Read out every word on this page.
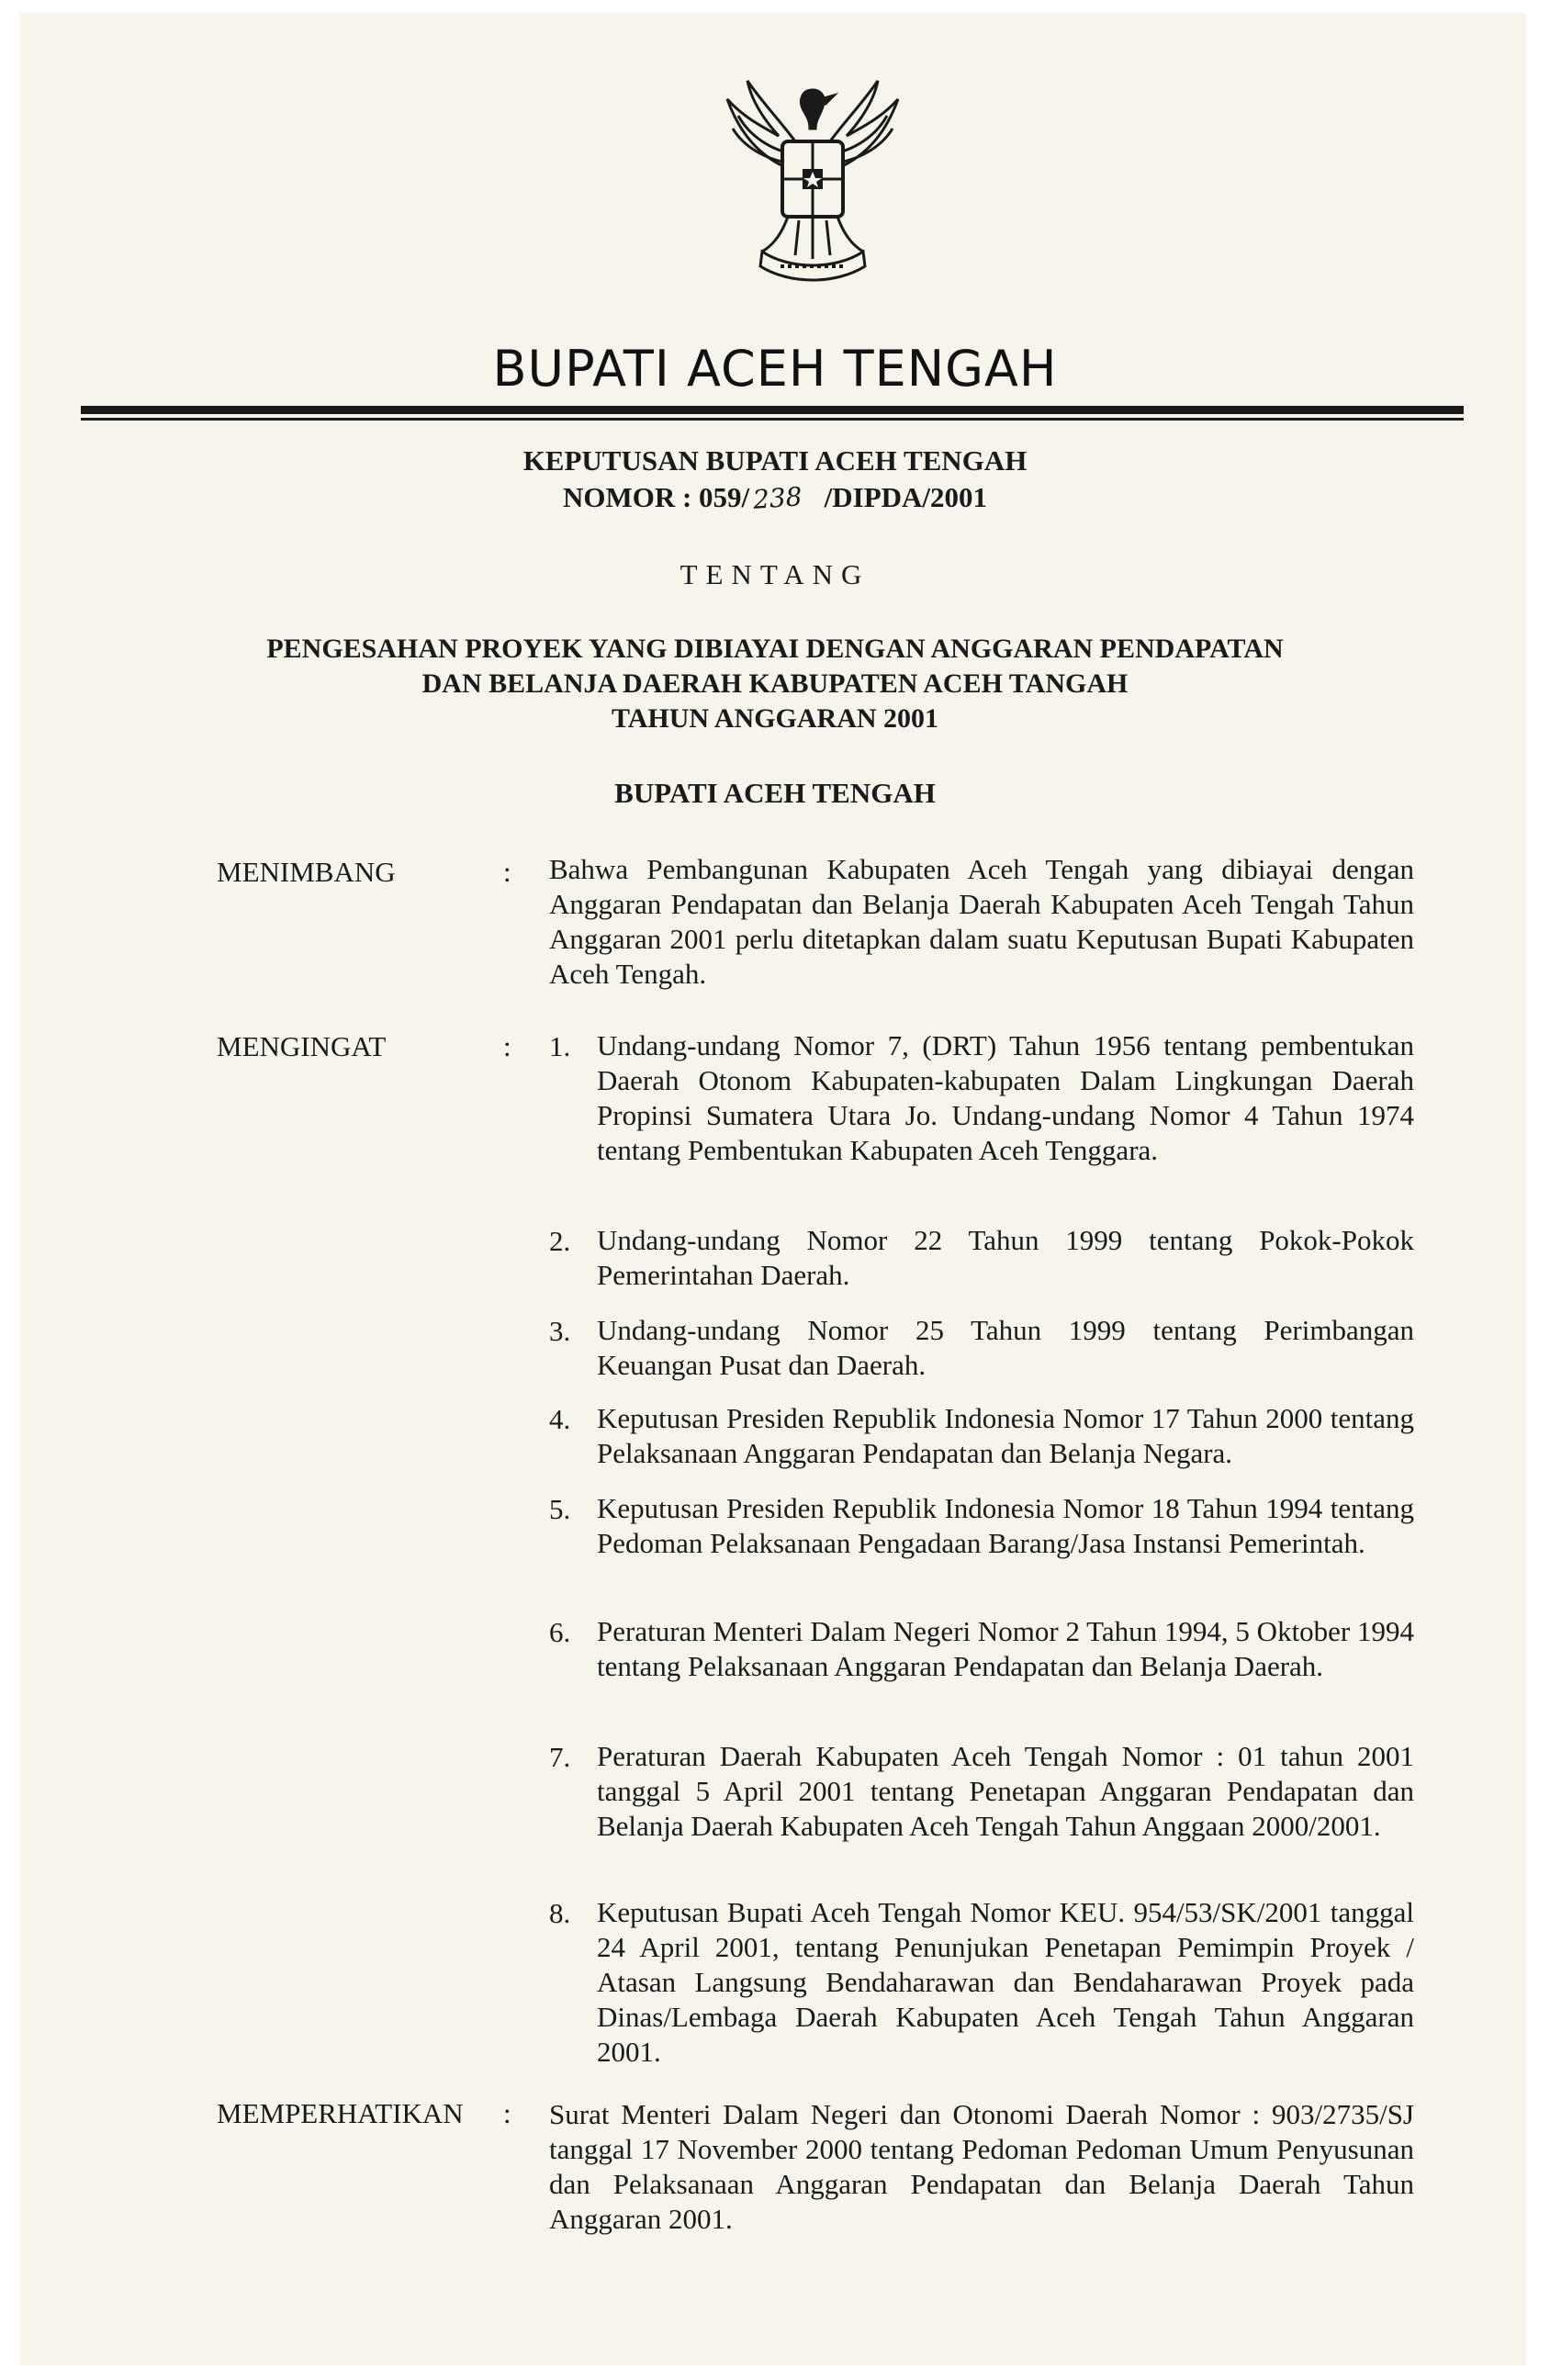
BUPATI ACEH TENGAH
KEPUTUSAN BUPATI ACEH TENGAH
NOMOR : 059/ 238 /DIPDA/2001
TENTANG
PENGESAHAN PROYEK YANG DIBIAYAI DENGAN ANGGARAN PENDAPATAN
DAN BELANJA DAERAH KABUPATEN ACEH TANGAH
TAHUN ANGGARAN 2001
BUPATI ACEH TENGAH
MENIMBANG	: Bahwa Pembangunan Kabupaten Aceh Tengah yang dibiayai dengan Anggaran Pendapatan dan Belanja Daerah Kabupaten Aceh Tengah Tahun Anggaran 2001 perlu ditetapkan dalam suatu Keputusan Bupati Kabupaten Aceh Tengah.
MENGINGAT	: 1. Undang-undang Nomor 7, (DRT) Tahun 1956 tentang pembentukan Daerah Otonom Kabupaten-kabupaten Dalam Lingkungan Daerah Propinsi Sumatera Utara Jo. Undang-undang Nomor 4 Tahun 1974 tentang Pembentukan Kabupaten Aceh Tenggara.
2. Undang-undang Nomor 22 Tahun 1999 tentang Pokok-Pokok Pemerintahan Daerah.
3. Undang-undang Nomor 25 Tahun 1999 tentang Perimbangan Keuangan Pusat dan Daerah.
4. Keputusan Presiden Republik Indonesia Nomor 17 Tahun 2000 tentang Pelaksanaan Anggaran Pendapatan dan Belanja Negara.
5. Keputusan Presiden Republik Indonesia Nomor 18 Tahun 1994 tentang Pedoman Pelaksanaan Pengadaan Barang/Jasa Instansi Pemerintah.
6. Peraturan Menteri Dalam Negeri Nomor 2 Tahun 1994, 5 Oktober 1994 tentang Pelaksanaan Anggaran Pendapatan dan Belanja Daerah.
7. Peraturan Daerah Kabupaten Aceh Tengah Nomor : 01 tahun 2001 tanggal 5 April 2001 tentang Penetapan Anggaran Pendapatan dan Belanja Daerah Kabupaten Aceh Tengah Tahun Anggaan 2000/2001.
8. Keputusan Bupati Aceh Tengah Nomor KEU. 954/53/SK/2001 tanggal 24 April 2001, tentang Penunjukan Penetapan Pemimpin Proyek / Atasan Langsung Bendaharawan dan Bendaharawan Proyek pada Dinas/Lembaga Daerah Kabupaten Aceh Tengah Tahun Anggaran 2001.
MEMPERHATIKAN : Surat Menteri Dalam Negeri dan Otonomi Daerah Nomor : 903/2735/SJ tanggal 17 November 2000 tentang Pedoman Pedoman Umum Penyusunan dan Pelaksanaan Anggaran Pendapatan dan Belanja Daerah Tahun Anggaran 2001.
